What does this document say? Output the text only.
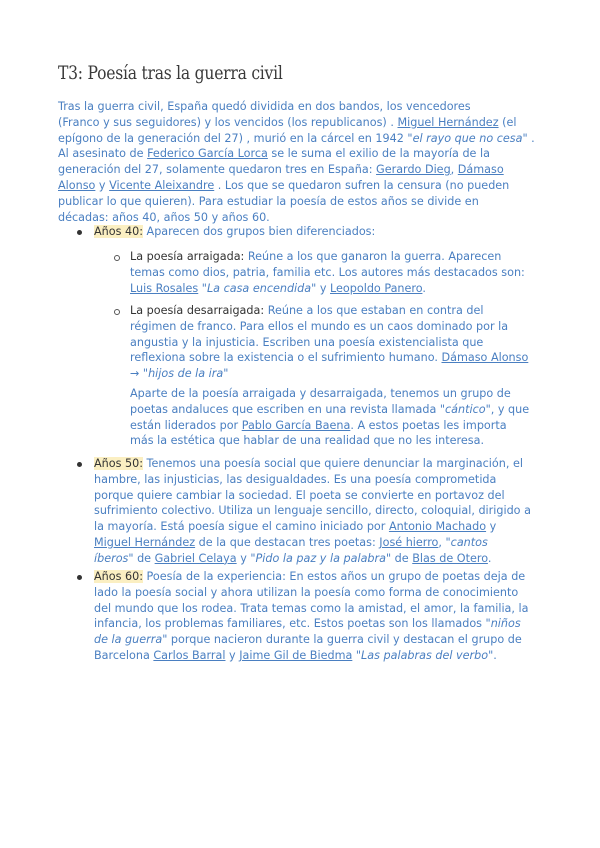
T3: Poesía tras la guerra civil
Tras la guerra civil, España quedó dividida en dos bandos, los vencedores
(Franco y sus seguidores) y los vencidos (los republicanos) . Miguel Hernández (el
epígono de la generación del 27) , murió en la cárcel en 1942 "el rayo que no cesa" .
Al asesinato de Federico García Lorca se le suma el exilio de la mayoría de la
generación del 27, solamente quedaron tres en España: Gerardo Dieg, Dámaso
Alonso y Vicente Aleixandre . Los que se quedaron sufren la censura (no pueden
publicar lo que quieren). Para estudiar la poesía de estos años se divide en
décadas: años 40, años 50 y años 60.
Años 40: Aparecen dos grupos bien diferenciados:
La poesía arraigada: Reúne a los que ganaron la guerra. Aparecen
temas como dios, patria, familia etc. Los autores más destacados son:
Luis Rosales "La casa encendida" y Leopoldo Panero.
La poesía desarraigada: Reúne a los que estaban en contra del
régimen de franco. Para ellos el mundo es un caos dominado por la
angustia y la injusticia. Escriben una poesía existencialista que
reflexiona sobre la existencia o el sufrimiento humano. Dámaso Alonso
→ "hijos de la ira"
Aparte de la poesía arraigada y desarraigada, tenemos un grupo de
poetas andaluces que escriben en una revista llamada "cántico", y que
están liderados por Pablo García Baena. A estos poetas les importa
más la estética que hablar de una realidad que no les interesa.
Años 50: Tenemos una poesía social que quiere denunciar la marginación, el
hambre, las injusticias, las desigualdades. Es una poesía comprometida
porque quiere cambiar la sociedad. El poeta se convierte en portavoz del
sufrimiento colectivo. Utiliza un lenguaje sencillo, directo, coloquial, dirigido a
la mayoría. Está poesía sigue el camino iniciado por Antonio Machado y
Miguel Hernández de la que destacan tres poetas: José hierro, "cantos
íberos" de Gabriel Celaya y "Pido la paz y la palabra" de Blas de Otero.
Años 60: Poesía de la experiencia: En estos años un grupo de poetas deja de
lado la poesía social y ahora utilizan la poesía como forma de conocimiento
del mundo que los rodea. Trata temas como la amistad, el amor, la familia, la
infancia, los problemas familiares, etc. Estos poetas son los llamados "niños
de la guerra" porque nacieron durante la guerra civil y destacan el grupo de
Barcelona Carlos Barral y Jaime Gil de Biedma "Las palabras del verbo".
